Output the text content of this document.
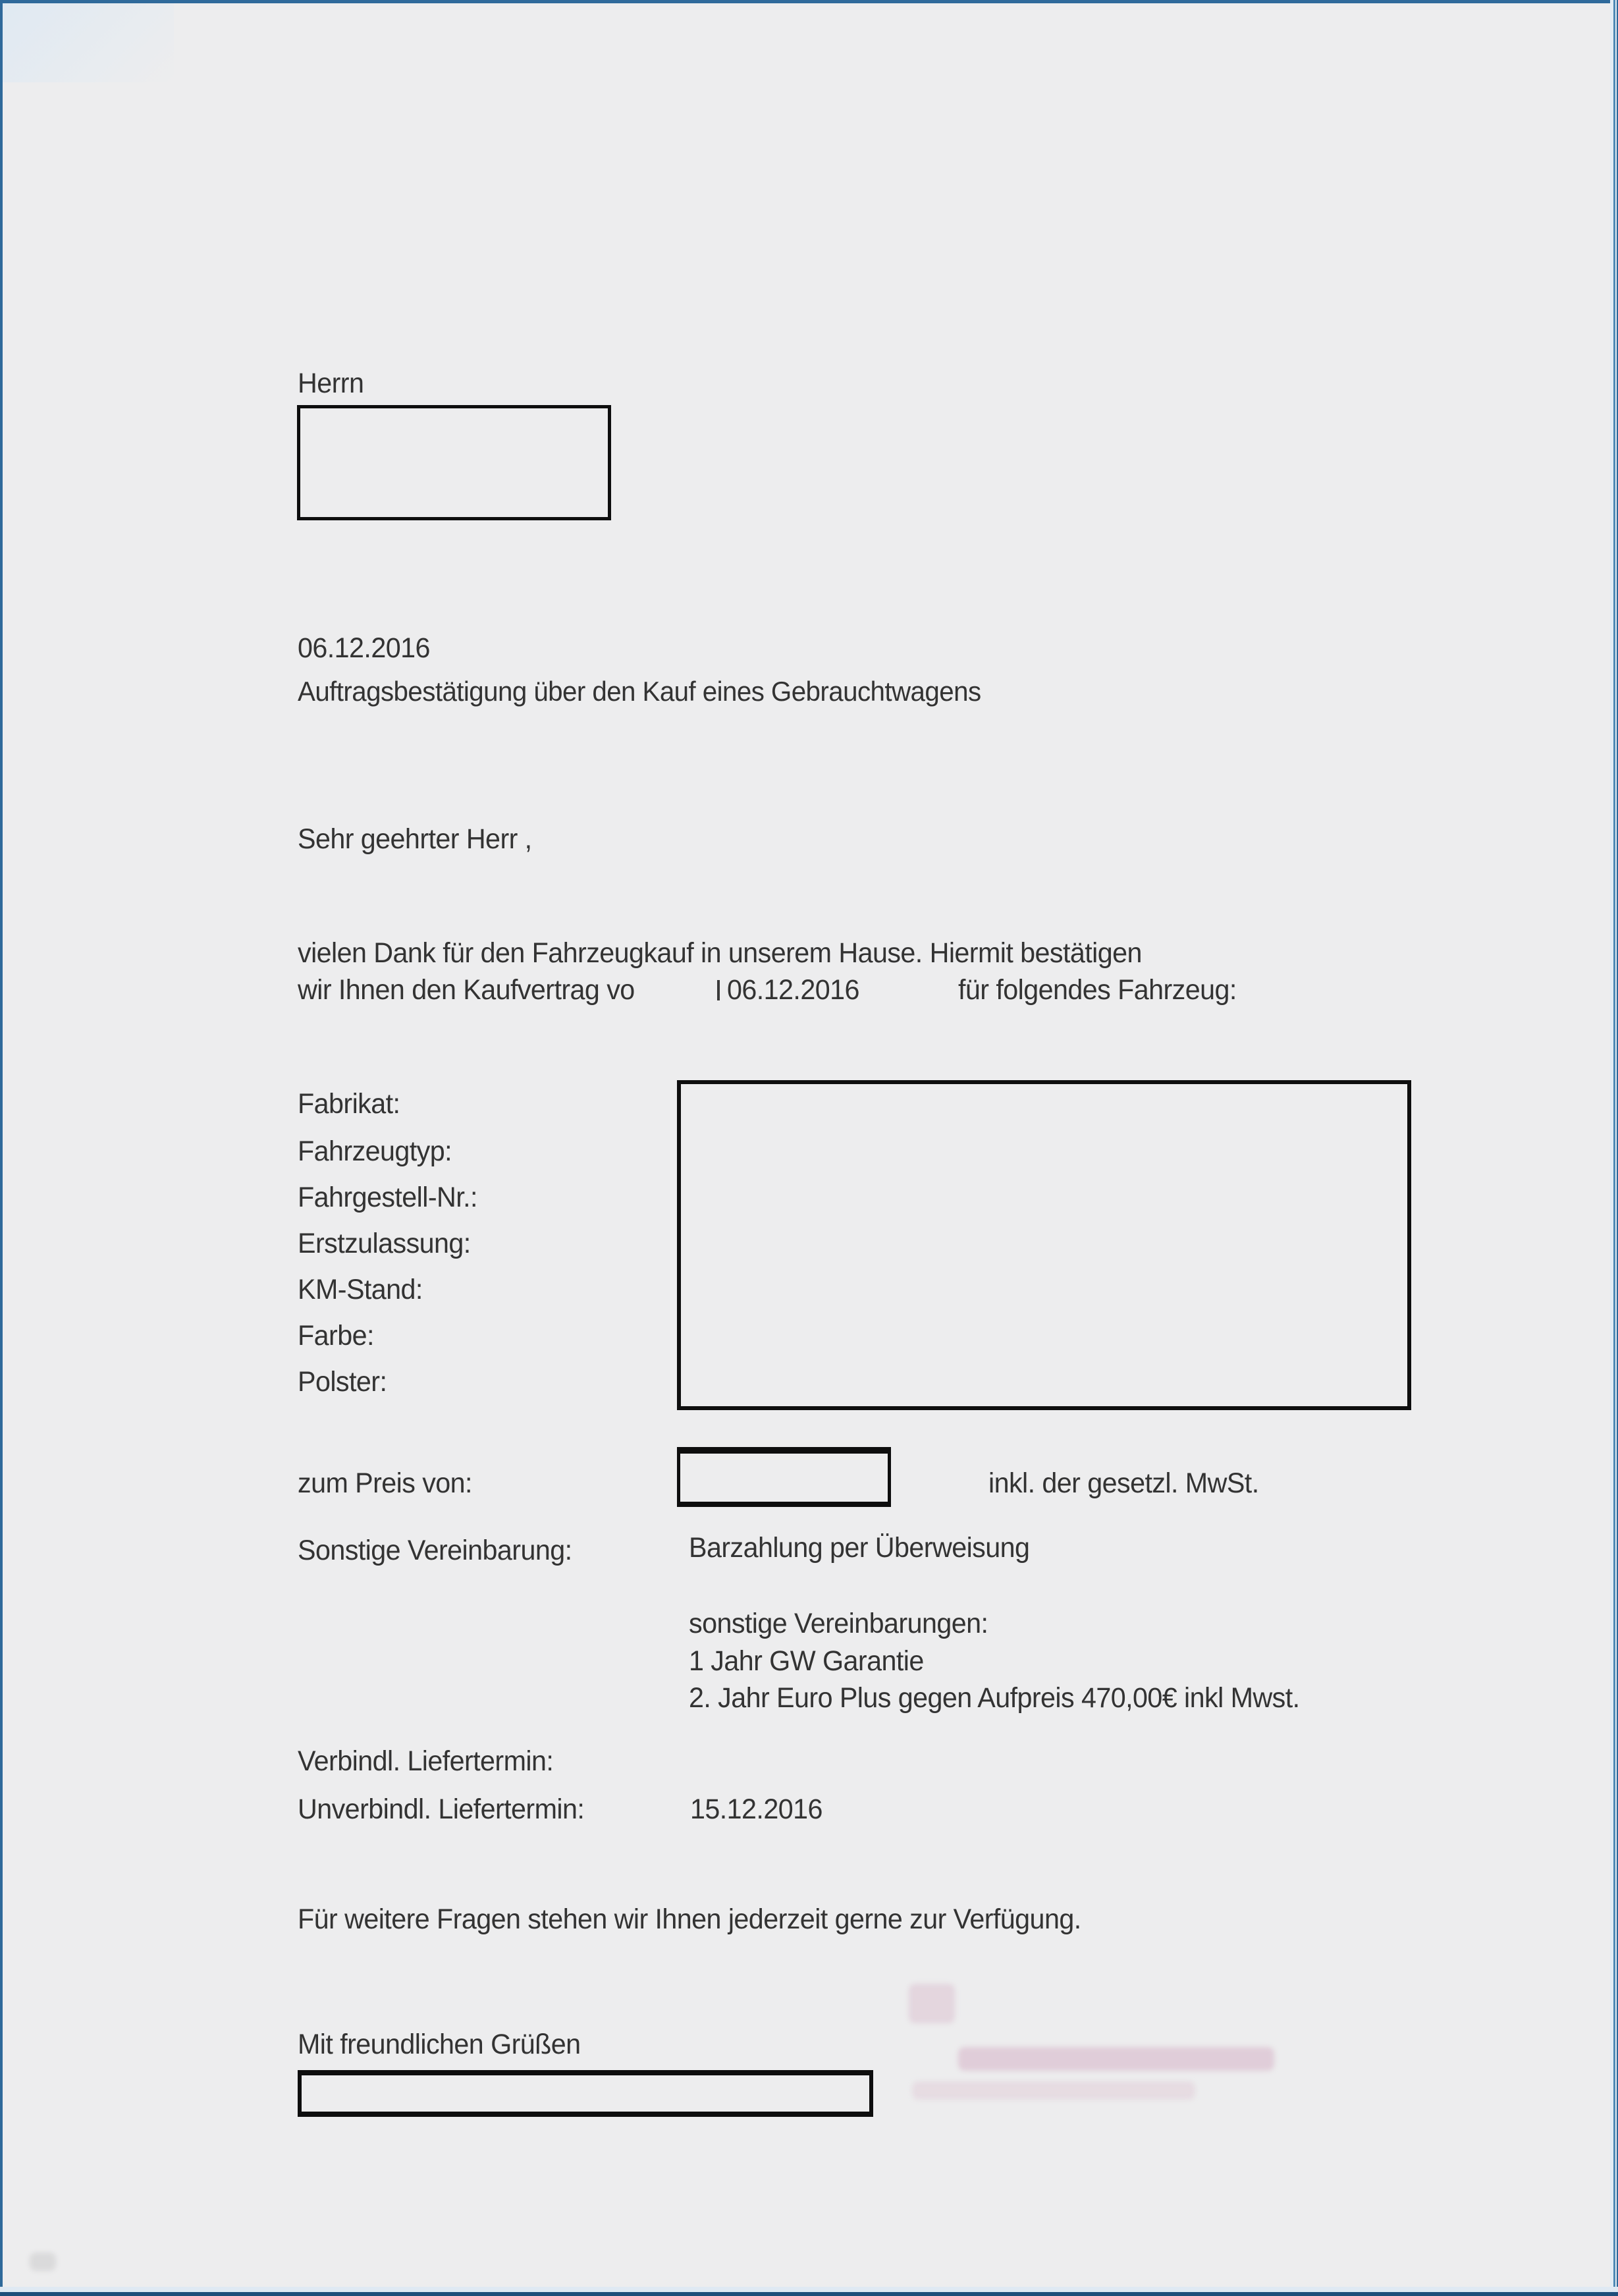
Herrn
06.12.2016
Auftragsbestätigung über den Kauf eines Gebrauchtwagens
Sehr geehrter Herr ,
vielen Dank für den Fahrzeugkauf in unserem Hause. Hiermit bestätigen
wir Ihnen den Kaufvertrag vo	06.12.2016	für folgendes Fahrzeug:
Fabrikat:
Fahrzeugtyp:
Fahrgestell-Nr.:
Erstzulassung:
KM-Stand:
Farbe:
Polster:
zum Preis von:	inkl. der gesetzl. MwSt.
Sonstige Vereinbarung:	Barzahlung per Überweisung
sonstige Vereinbarungen:
1 Jahr GW Garantie
2. Jahr Euro Plus gegen Aufpreis 470,00€ inkl Mwst.
Verbindl. Liefertermin:
Unverbindl. Liefertermin:	15.12.2016
Für weitere Fragen stehen wir Ihnen jederzeit gerne zur Verfügung.
Mit freundlichen Grüßen
